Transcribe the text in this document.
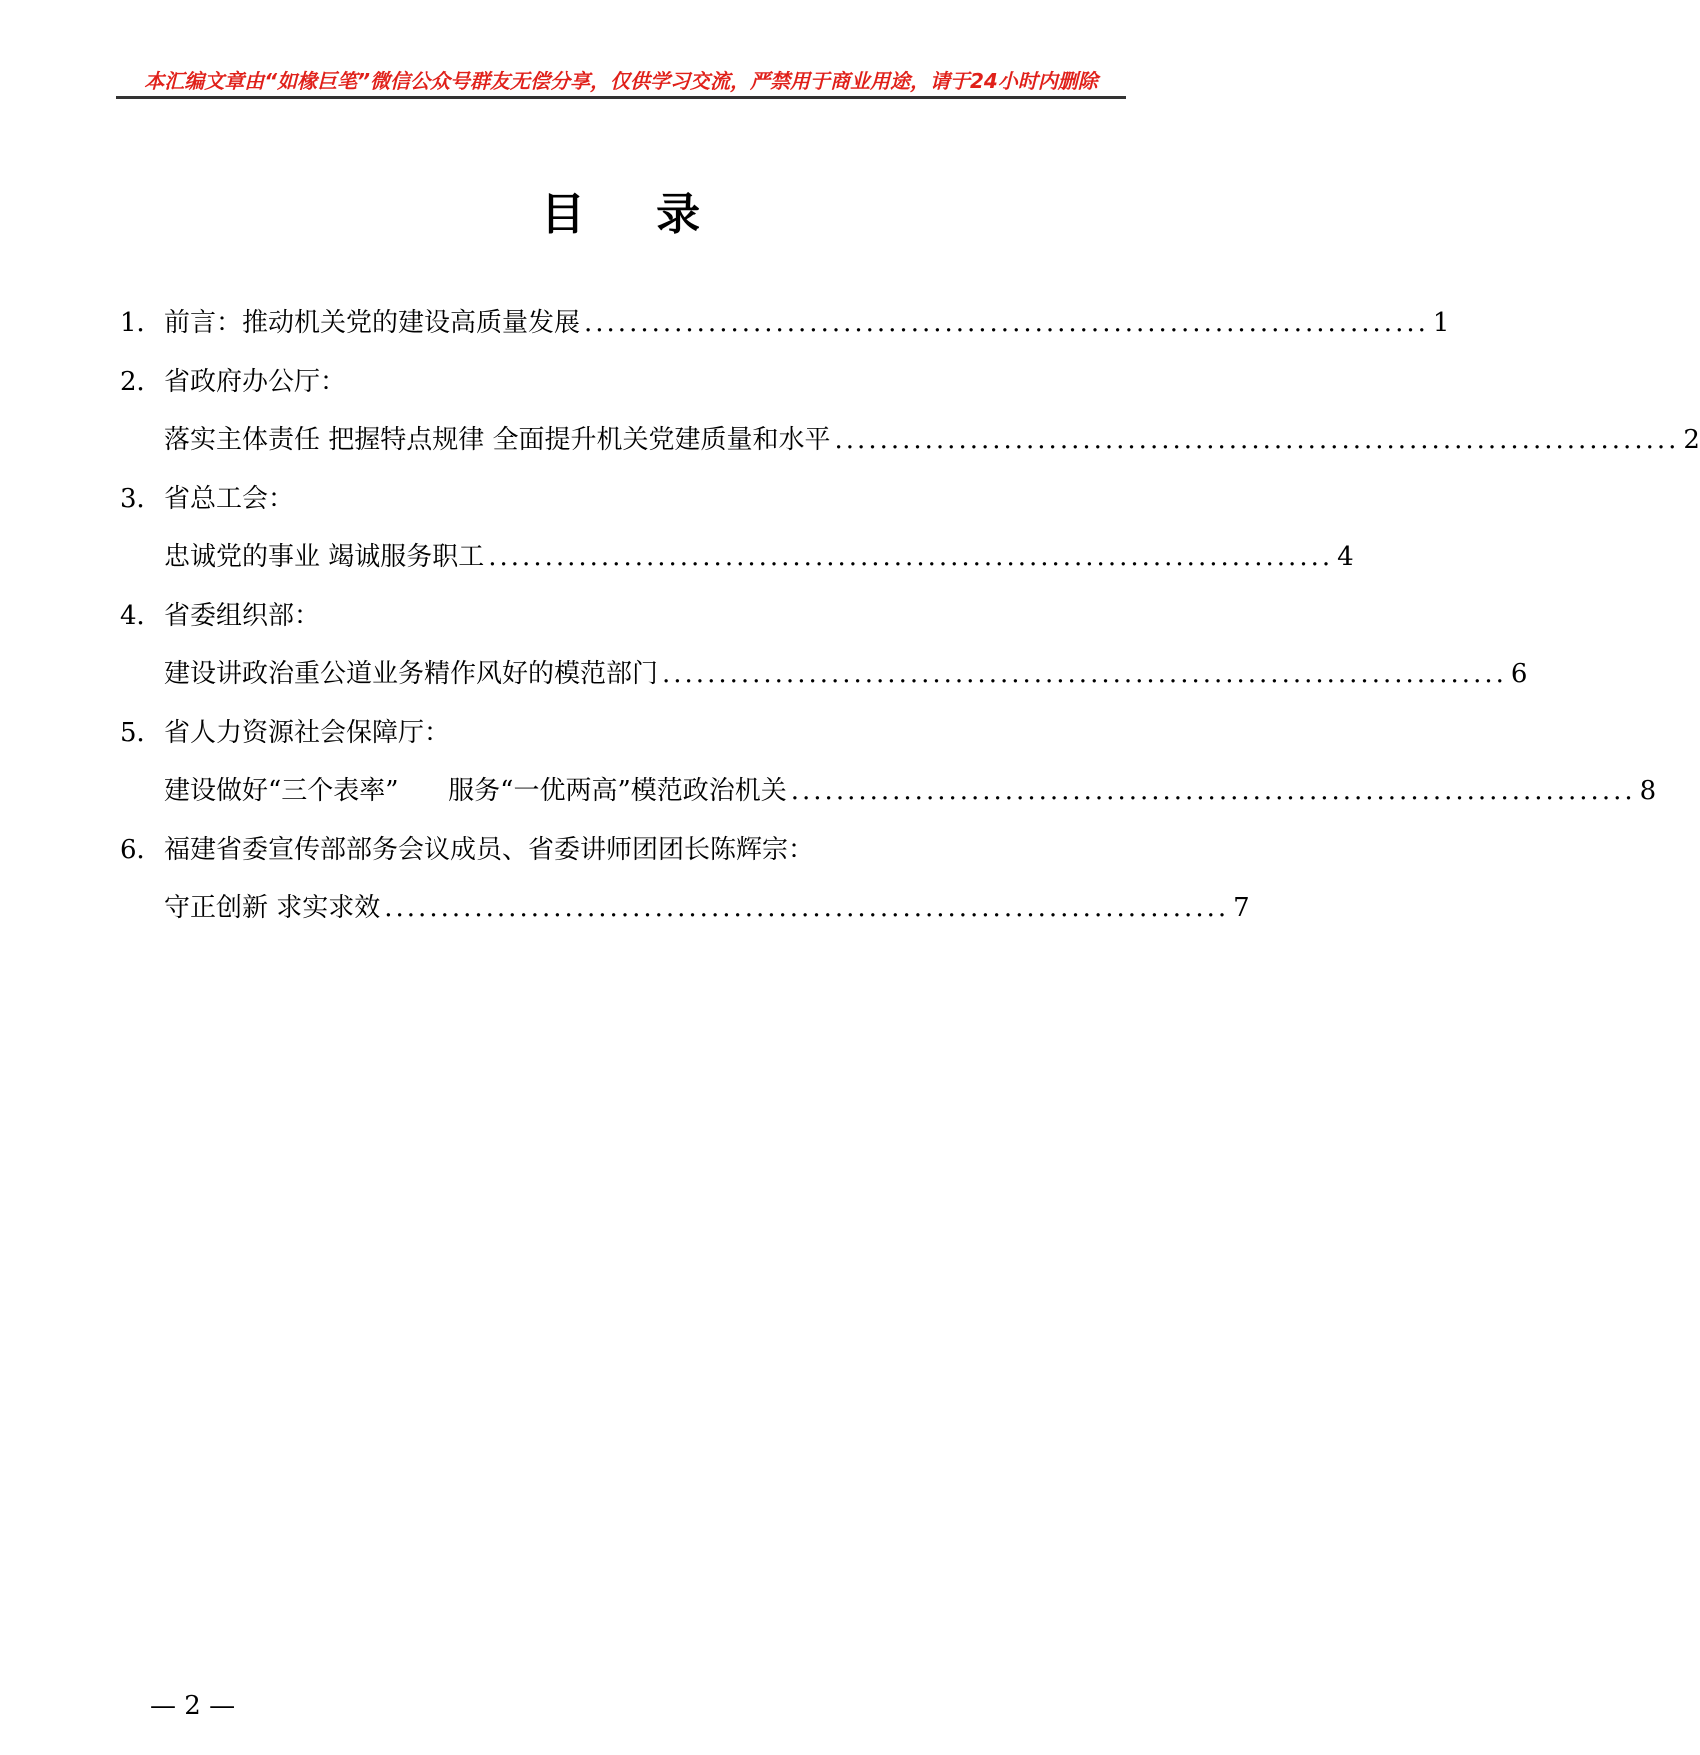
本汇编文章由“如椽巨笔”微信公众号群友无偿分享，仅供学习交流，严禁用于商业用途，请于24小时内删除
目 录
1． 前言：推动机关党的建设高质量发展 ........................................................................... 1
2． 省政府办公厅：
落实主体责任 把握特点规律 全面提升机关党建质量和水平 ........................................................................... 2
3． 省总工会：
忠诚党的事业 竭诚服务职工 ........................................................................... 4
4． 省委组织部：
建设讲政治重公道业务精作风好的模范部门 ........................................................................... 6
5． 省人力资源社会保障厅：
建设做好“三个表率”      服务“一优两高”模范政治机关 ........................................................................... 8
6． 福建省委宣传部部务会议成员、省委讲师团团长陈辉宗：
守正创新 求实求效 ........................................................................... 7
— 2 —
